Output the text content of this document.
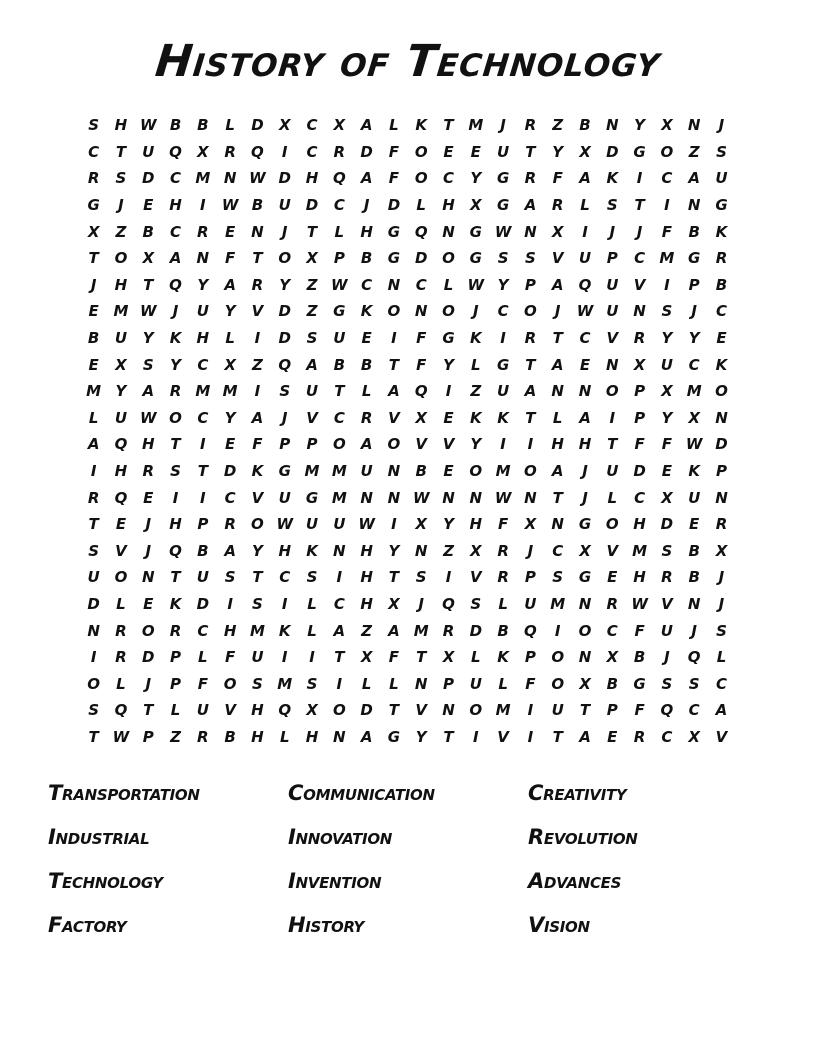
History of Technology
S	H W B	B	L	D	X	C	X	A	L	K	T M	J	R	Z	B	N	Y	X	N	J
C	T	U Q	X	R	Q	I	C	R	D	F	O	E	E	U	T	Y	X	D G O	Z	S
R	S	D	C M N W D H Q	A	F	O	C	Y	G	R	F	A	K	I	C	A	U
G	J	E	H	I	W B	U D	C	J	D	L	H	X	G	A	R	L	S	T	I	N G
X	Z	B	C	R	E	N	J	T	L	H G Q N G W N	X	I	J	J	F	B	K
T	O	X	A	N	F	T	O	X	P	B	G D O G	S	S	V	U	P	C M G	R
J	H	T	Q	Y	A	R	Y	Z W C	N	C	L W Y	P	A	Q U	V	I	P	B
E M W	J	U	Y	V	D	Z	G	K	O N O	J	C	O	J	W U N	S	J	C
B	U	Y	K	H	L	I	D	S	U	E	I	F	G	K	I	R	T	C	V	R	Y	Y	E
E	X	S	Y	C	X	Z	Q	A	B	B	T	F	Y	L	G	T	A	E	N	X	U	C	K
M Y	A	R M M	I	S	U	T	L	A	Q	I	Z	U	A	N N O	P	X M O
L	U W O	C	Y	A	J	V	C	R	V	X	E	K	K	T	L	A	I	P	Y	X	N
A	Q H	T	I	E	F	P	P	O	A	O	V	V	Y	I	I	H H	T	F	F W D
I	H	R	S	T	D	K	G M M U N	B	E	O M O	A	J	U D	E	K	P
R	Q	E	I	I	C	V	U	G M N N W N N W N	T	J	L	C	X	U N
T	E	J	H	P	R	O W U	U W	I	X	Y	H	F	X	N G O H D	E	R
S	V	J	Q	B	A	Y	H	K	N H	Y	N	Z	X	R	J	C	X	V M S	B	X
U O N	T	U	S	T	C	S	I	H	T	S	I	V	R	P	S	G	E	H	R	B	J
D	L	E	K	D	I	S	I	L	C	H	X	J	Q	S	L	U M N	R W V	N	J
N	R	O	R	C	H M K	L	A	Z	A M R	D	B	Q	I	O	C	F	U	J	S
I	R	D	P	L	F	U	I	I	T	X	F	T	X	L	K	P	O N	X	B	J	Q	L
O	L	J	P	F	O	S M S	I	L	L	N	P	U	L	F	O	X	B	G	S	S	C
S	Q	T	L	U	V	H Q	X	O D	T	V	N O M	I	U	T	P	F	Q	C	A
T W P	Z	R	B	H	L	H N	A	G	Y	T	I	V	I	T	A	E	R	C	X	V
Transportation	Communication	Creativity
Industrial	Innovation	Revolution
Technology	Invention	Advances
Factory	History	Vision
